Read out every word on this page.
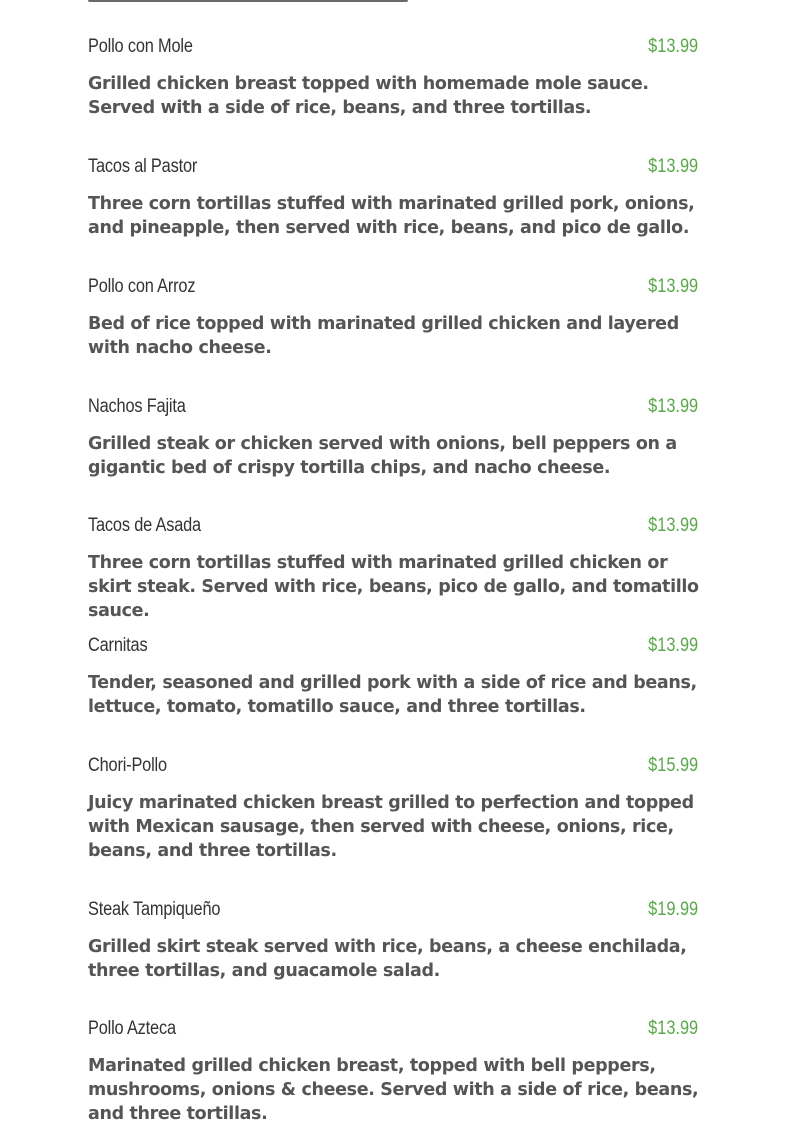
Pollo con Mole	$13.99
Grilled chicken breast topped with homemade mole sauce. Served with a side of rice, beans, and three tortillas.
Tacos al Pastor	$13.99
Three corn tortillas stuffed with marinated grilled pork, onions, and pineapple, then served with rice, beans, and pico de gallo.
Pollo con Arroz	$13.99
Bed of rice topped with marinated grilled chicken and layered with nacho cheese.
Nachos Fajita	$13.99
Grilled steak or chicken served with onions, bell peppers on a gigantic bed of crispy tortilla chips, and nacho cheese.
Tacos de Asada	$13.99
Three corn tortillas stuffed with marinated grilled chicken or skirt steak. Served with rice, beans, pico de gallo, and tomatillo sauce.
Carnitas	$13.99
Tender, seasoned and grilled pork with a side of rice and beans, lettuce, tomato, tomatillo sauce, and three tortillas.
Chori-Pollo	$15.99
Juicy marinated chicken breast grilled to perfection and topped with Mexican sausage, then served with cheese, onions, rice, beans, and three tortillas.
Steak Tampiqueño	$19.99
Grilled skirt steak served with rice, beans, a cheese enchilada, three tortillas, and guacamole salad.
Pollo Azteca	$13.99
Marinated grilled chicken breast, topped with bell peppers, mushrooms, onions & cheese. Served with a side of rice, beans, and three tortillas.
